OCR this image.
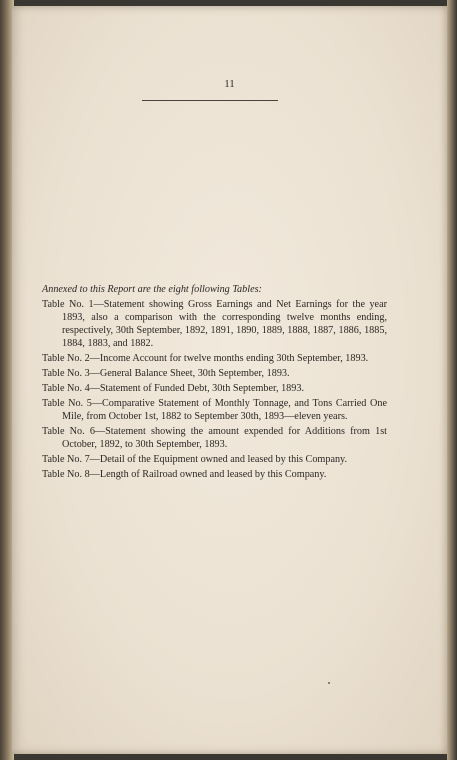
11
Annexed to this Report are the eight following Tables:
Table No. 1—Statement showing Gross Earnings and Net Earnings for the year 1893, also a comparison with the corresponding twelve months ending, respectively, 30th September, 1892, 1891, 1890, 1889, 1888, 1887, 1886, 1885, 1884, 1883, and 1882.
Table No. 2—Income Account for twelve months ending 30th September, 1893.
Table No. 3—General Balance Sheet, 30th September, 1893.
Table No. 4—Statement of Funded Debt, 30th September, 1893.
Table No. 5—Comparative Statement of Monthly Tonnage, and Tons Carried One Mile, from October 1st, 1882 to September 30th, 1893—eleven years.
Table No. 6—Statement showing the amount expended for Additions from 1st October, 1892, to 30th September, 1893.
Table No. 7—Detail of the Equipment owned and leased by this Company.
Table No. 8—Length of Railroad owned and leased by this Company.
